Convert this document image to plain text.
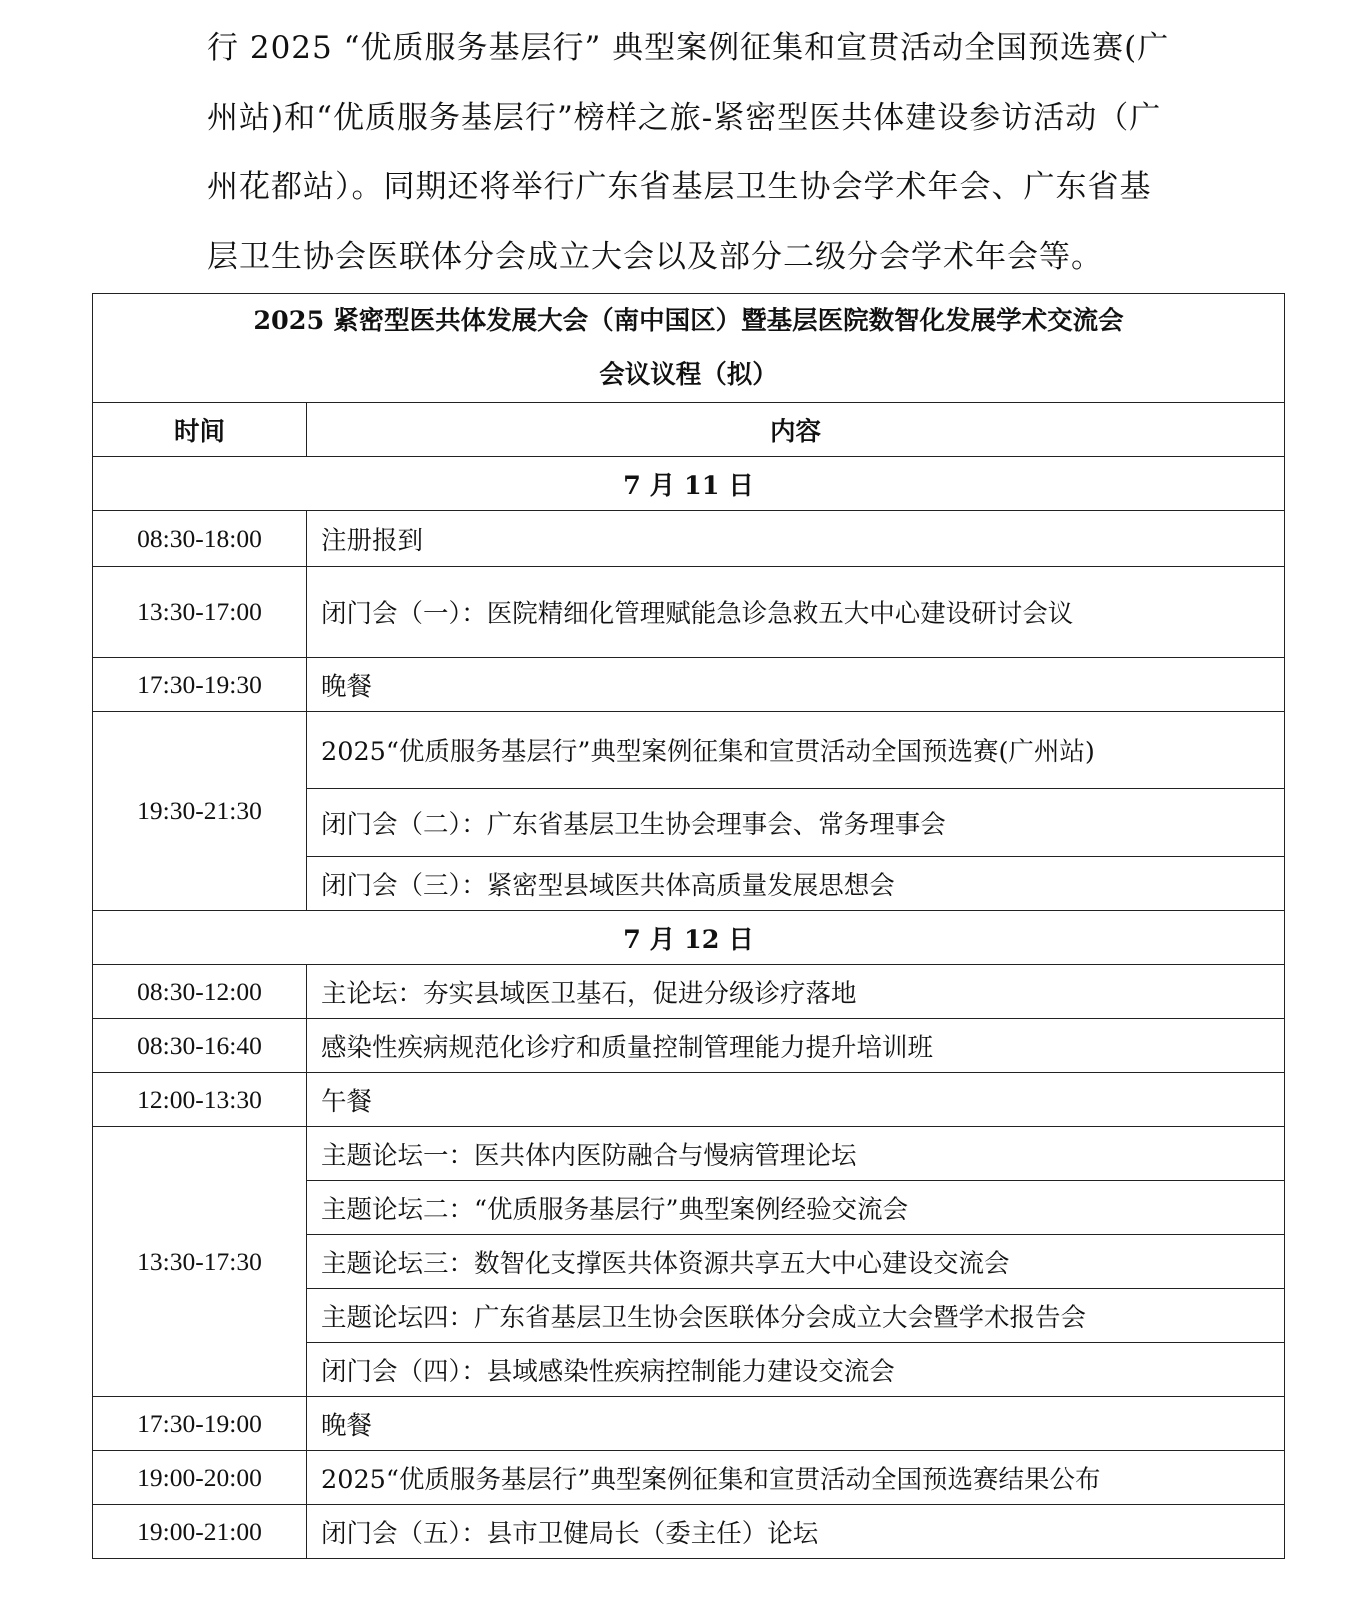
行 2025 “优质服务基层行” 典型案例征集和宣贯活动全国预选赛(广
州站)和“优质服务基层行”榜样之旅-紧密型医共体建设参访活动（广
州花都站）。同期还将举行广东省基层卫生协会学术年会、广东省基
层卫生协会医联体分会成立大会以及部分二级分会学术年会等。
2025 紧密型医共体发展大会（南中国区）暨基层医院数智化发展学术交流会
会议议程（拟）	

时间	内容
7 月 11 日	
08:30-18:00	注册报到
13:30-17:00	闭门会（一）：医院精细化管理赋能急诊急救五大中心建设研讨会议
17:30-19:30	晚餐
19:30-21:30	2025“优质服务基层行”典型案例征集和宣贯活动全国预选赛(广州站)
	闭门会（二）：广东省基层卫生协会理事会、常务理事会
	闭门会（三）：紧密型县域医共体高质量发展思想会
7 月 12 日	
08:30-12:00	主论坛：夯实县域医卫基石，促进分级诊疗落地
08:30-16:40	感染性疾病规范化诊疗和质量控制管理能力提升培训班
12:00-13:30	午餐
13:30-17:30	主题论坛一：医共体内医防融合与慢病管理论坛
	主题论坛二：“优质服务基层行”典型案例经验交流会
	主题论坛三：数智化支撑医共体资源共享五大中心建设交流会
	主题论坛四：广东省基层卫生协会医联体分会成立大会暨学术报告会
	闭门会（四）：县域感染性疾病控制能力建设交流会
17:30-19:00	晚餐
19:00-20:00	2025“优质服务基层行”典型案例征集和宣贯活动全国预选赛结果公布
19:00-21:00	闭门会（五）：县市卫健局长（委主任）论坛
